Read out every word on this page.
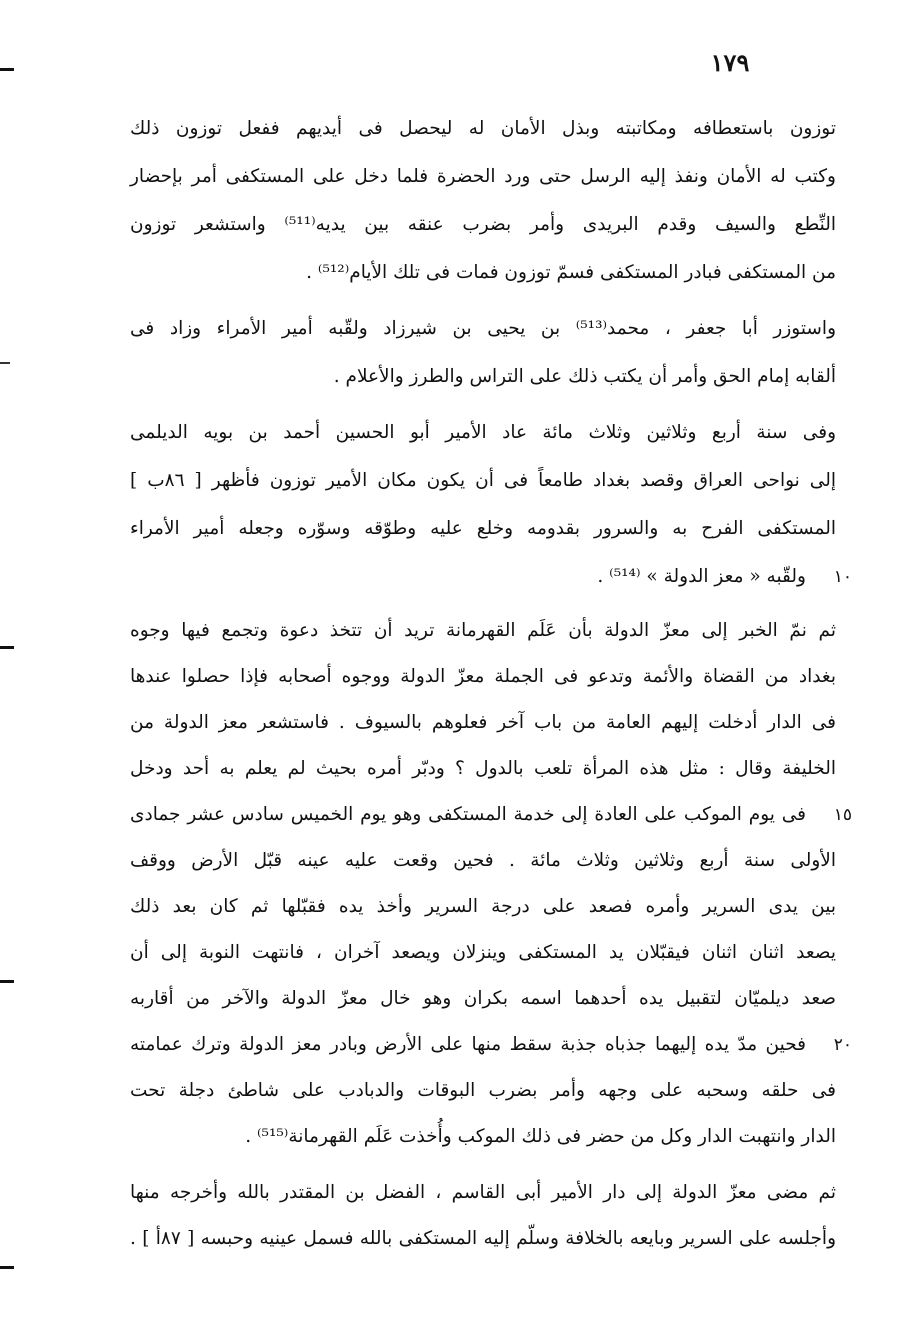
١٧٩
توزون باستعطافه ومكاتبته وبذل الأمان له ليحصل فى أيديهم ففعل توزون ذلك
وكتب له الأمان ونفذ إليه الرسل حتى ورد الحضرة فلما دخل على المستكفى أمر بإحضار
النِّطع والسيف وقدم البريدى وأمر بضرب عنقه بين يديه⁽⁵¹¹⁾ واستشعر توزون
من المستكفى فبادر المستكفى فسمّ توزون فمات فى تلك الأيام⁽⁵¹²⁾ .
واستوزر أبا جعفر ، محمد⁽⁵¹³⁾ بن يحيى بن شيرزاد ولقّبه أمير الأمراء وزاد فى
ألقابه إمام الحق وأمر أن يكتب ذلك على التراس والطرز والأعلام .
وفى سنة أربع وثلاثين وثلاث مائة عاد الأمير أبو الحسين أحمد بن بويه الديلمى
إلى نواحى العراق وقصد بغداد طامعاً فى أن يكون مكان الأمير توزون فأظهر [ ٨٦ب ]
المستكفى الفرح به والسرور بقدومه وخلع عليه وطوّقه وسوّره وجعله أمير الأمراء
ولقّبه « معز الدولة » ⁽⁵¹⁴⁾ .
ثم نمّ الخبر إلى معزّ الدولة بأن عَلَم القهرمانة تريد أن تتخذ دعوة وتجمع فيها وجوه
بغداد من القضاة والأئمة وتدعو فى الجملة معزّ الدولة ووجوه أصحابه فإذا حصلوا عندها
فى الدار أدخلت إليهم العامة من باب آخر فعلوهم بالسيوف . فاستشعر معز الدولة من
الخليفة وقال : مثل هذه المرأة تلعب بالدول ؟ ودبّر أمره بحيث لم يعلم به أحد ودخل
فى يوم الموكب على العادة إلى خدمة المستكفى وهو يوم الخميس سادس عشر جمادى
الأولى سنة أربع وثلاثين وثلاث مائة . فحين وقعت عليه عينه قبّل الأرض ووقف
بين يدى السرير وأمره فصعد على درجة السرير وأخذ يده فقبّلها ثم كان بعد ذلك
يصعد اثنان اثنان فيقبّلان يد المستكفى وينزلان ويصعد آخران ، فانتهت النوبة إلى أن
صعد ديلميّان لتقبيل يده أحدهما اسمه بكران وهو خال معزّ الدولة والآخر من أقاربه
فحين مدّ يده إليهما جذباه جذبة سقط منها على الأرض وبادر معز الدولة وترك عمامته
فى حلقه وسحبه على وجهه وأمر بضرب البوقات والدبادب على شاطئ دجلة تحت
الدار وانتهبت الدار وكل من حضر فى ذلك الموكب وأُخذت عَلَم القهرمانة⁽⁵¹⁵⁾ .
ثم مضى معزّ الدولة إلى دار الأمير أبى القاسم ، الفضل بن المقتدر بالله وأخرجه منها
وأجلسه على السرير وبايعه بالخلافة وسلّم إليه المستكفى بالله فسمل عينيه وحبسه [ ٨٧أ ] .
١٠
١٥
٢٠
